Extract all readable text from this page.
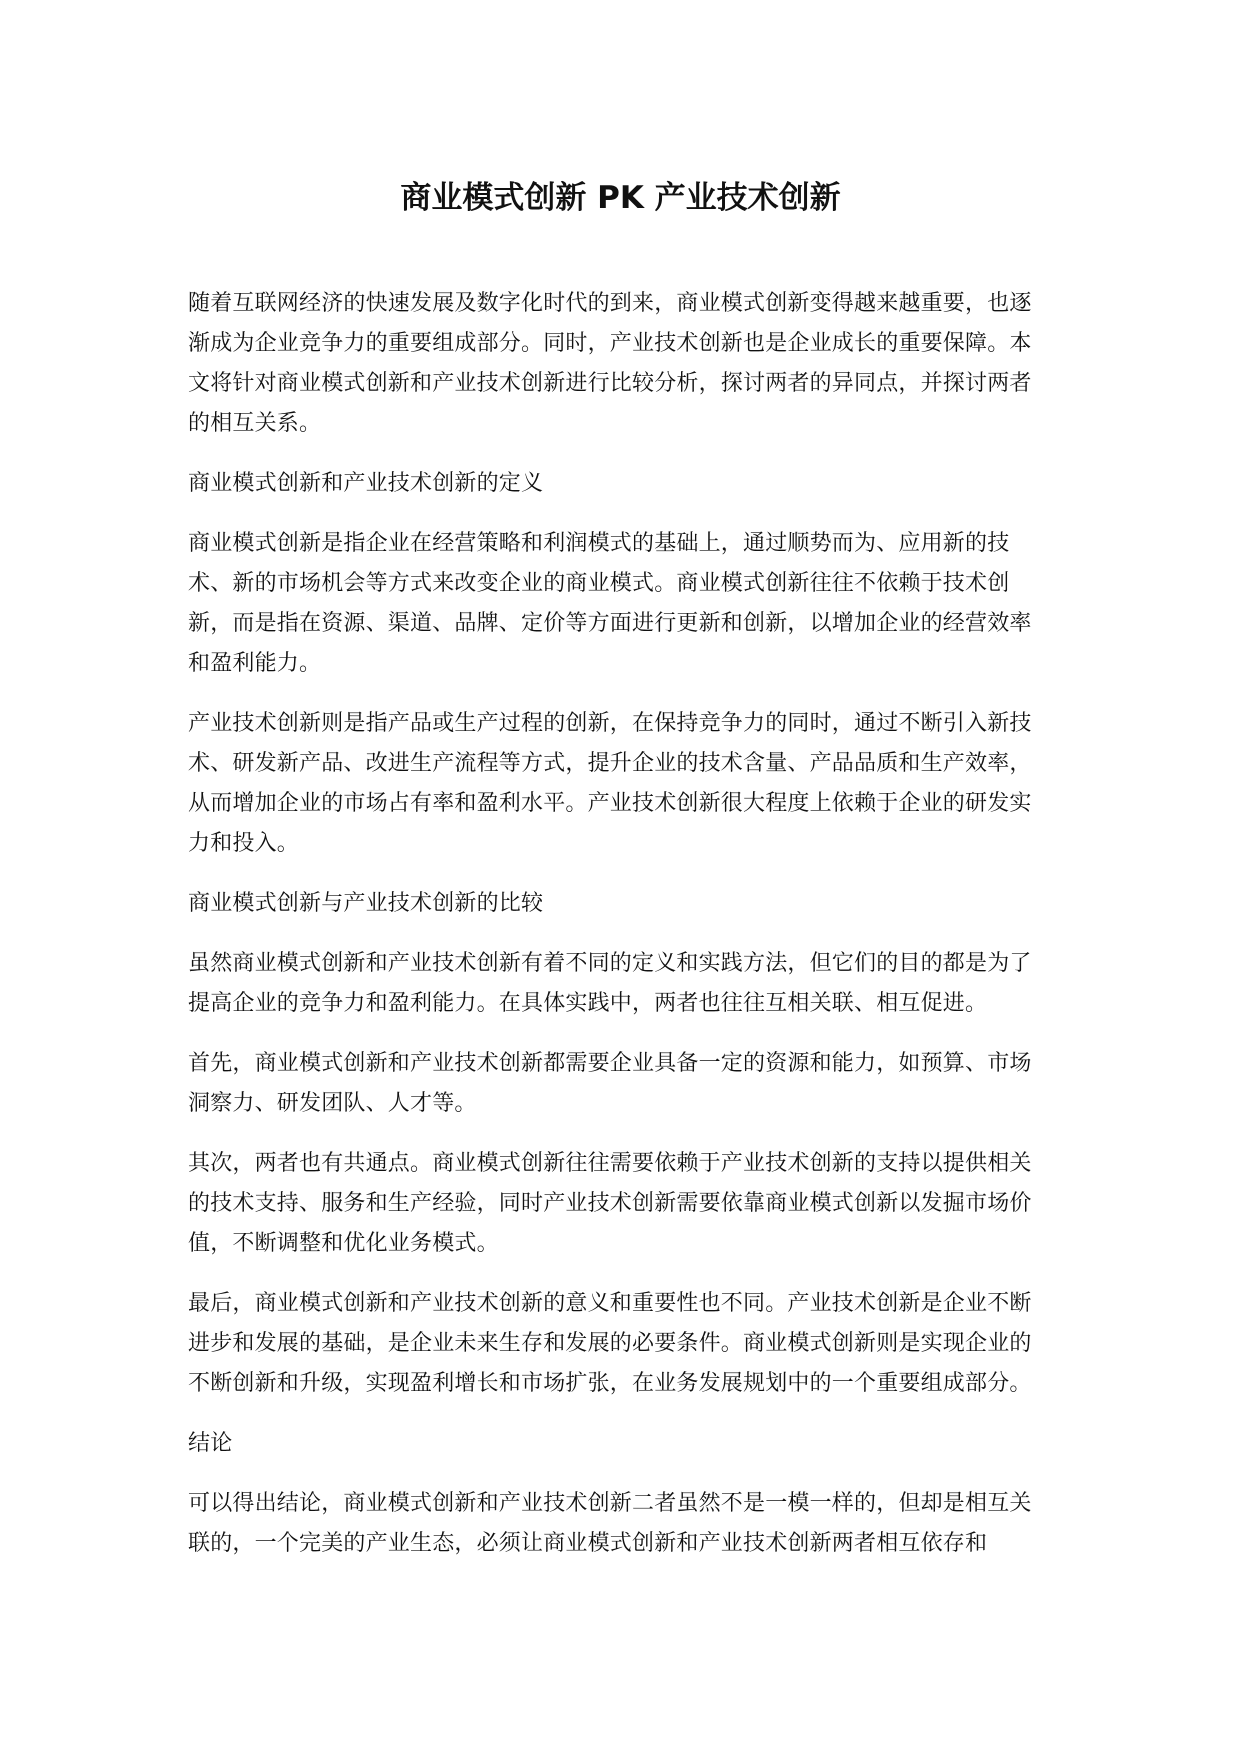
商业模式创新 PK 产业技术创新

随着互联网经济的快速发展及数字化时代的到来，商业模式创新变得越来越重要，也逐渐成为企业竞争力的重要组成部分。同时，产业技术创新也是企业成长的重要保障。本文将针对商业模式创新和产业技术创新进行比较分析，探讨两者的异同点，并探讨两者的相互关系。

商业模式创新和产业技术创新的定义

商业模式创新是指企业在经营策略和利润模式的基础上，通过顺势而为、应用新的技术、新的市场机会等方式来改变企业的商业模式。商业模式创新往往不依赖于技术创新，而是指在资源、渠道、品牌、定价等方面进行更新和创新，以增加企业的经营效率和盈利能力。

产业技术创新则是指产品或生产过程的创新，在保持竞争力的同时，通过不断引入新技术、研发新产品、改进生产流程等方式，提升企业的技术含量、产品品质和生产效率，从而增加企业的市场占有率和盈利水平。产业技术创新很大程度上依赖于企业的研发实力和投入。

商业模式创新与产业技术创新的比较

虽然商业模式创新和产业技术创新有着不同的定义和实践方法，但它们的目的都是为了提高企业的竞争力和盈利能力。在具体实践中，两者也往往互相关联、相互促进。

首先，商业模式创新和产业技术创新都需要企业具备一定的资源和能力，如预算、市场洞察力、研发团队、人才等。

其次，两者也有共通点。商业模式创新往往需要依赖于产业技术创新的支持以提供相关的技术支持、服务和生产经验，同时产业技术创新需要依靠商业模式创新以发掘市场价值，不断调整和优化业务模式。

最后，商业模式创新和产业技术创新的意义和重要性也不同。产业技术创新是企业不断进步和发展的基础，是企业未来生存和发展的必要条件。商业模式创新则是实现企业的不断创新和升级，实现盈利增长和市场扩张，在业务发展规划中的一个重要组成部分。

结论

可以得出结论，商业模式创新和产业技术创新二者虽然不是一模一样的，但却是相互关联的，一个完美的产业生态，必须让商业模式创新和产业技术创新两者相互依存和
